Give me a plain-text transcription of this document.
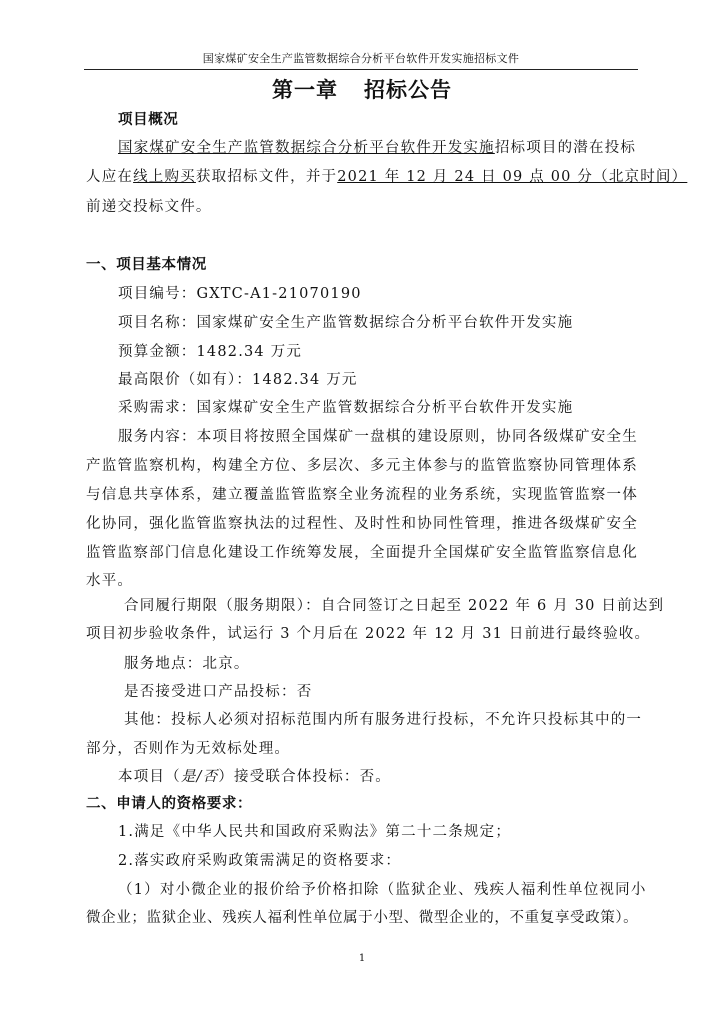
国家煤矿安全生产监管数据综合分析平台软件开发实施招标文件
第一章 招标公告
项目概况
国家煤矿安全生产监管数据综合分析平台软件开发实施招标项目的潜在投标
人应在线上购买获取招标文件，并于2021 年 12 月 24 日 09 点 00 分（北京时间）
前递交投标文件。
一、项目基本情况
项目编号：GXTC-A1-21070190
项目名称：国家煤矿安全生产监管数据综合分析平台软件开发实施
预算金额：1482.34 万元
最高限价（如有）：1482.34 万元
采购需求：国家煤矿安全生产监管数据综合分析平台软件开发实施
服务内容：本项目将按照全国煤矿一盘棋的建设原则，协同各级煤矿安全生
产监管监察机构，构建全方位、多层次、多元主体参与的监管监察协同管理体系
与信息共享体系，建立覆盖监管监察全业务流程的业务系统，实现监管监察一体
化协同，强化监管监察执法的过程性、及时性和协同性管理，推进各级煤矿安全
监管监察部门信息化建设工作统筹发展，全面提升全国煤矿安全监管监察信息化
水平。
合同履行期限（服务期限）：自合同签订之日起至 2022 年 6 月 30 日前达到
项目初步验收条件，试运行 3 个月后在 2022 年 12 月 31 日前进行最终验收。
服务地点：北京。
是否接受进口产品投标：否
其他：投标人必须对招标范围内所有服务进行投标，不允许只投标其中的一
部分，否则作为无效标处理。
本项目（是/否）接受联合体投标：否。
二、申请人的资格要求：
1.满足《中华人民共和国政府采购法》第二十二条规定；
2.落实政府采购政策需满足的资格要求：
（1）对小微企业的报价给予价格扣除（监狱企业、残疾人福利性单位视同小
微企业；监狱企业、残疾人福利性单位属于小型、微型企业的，不重复享受政策）。
1
